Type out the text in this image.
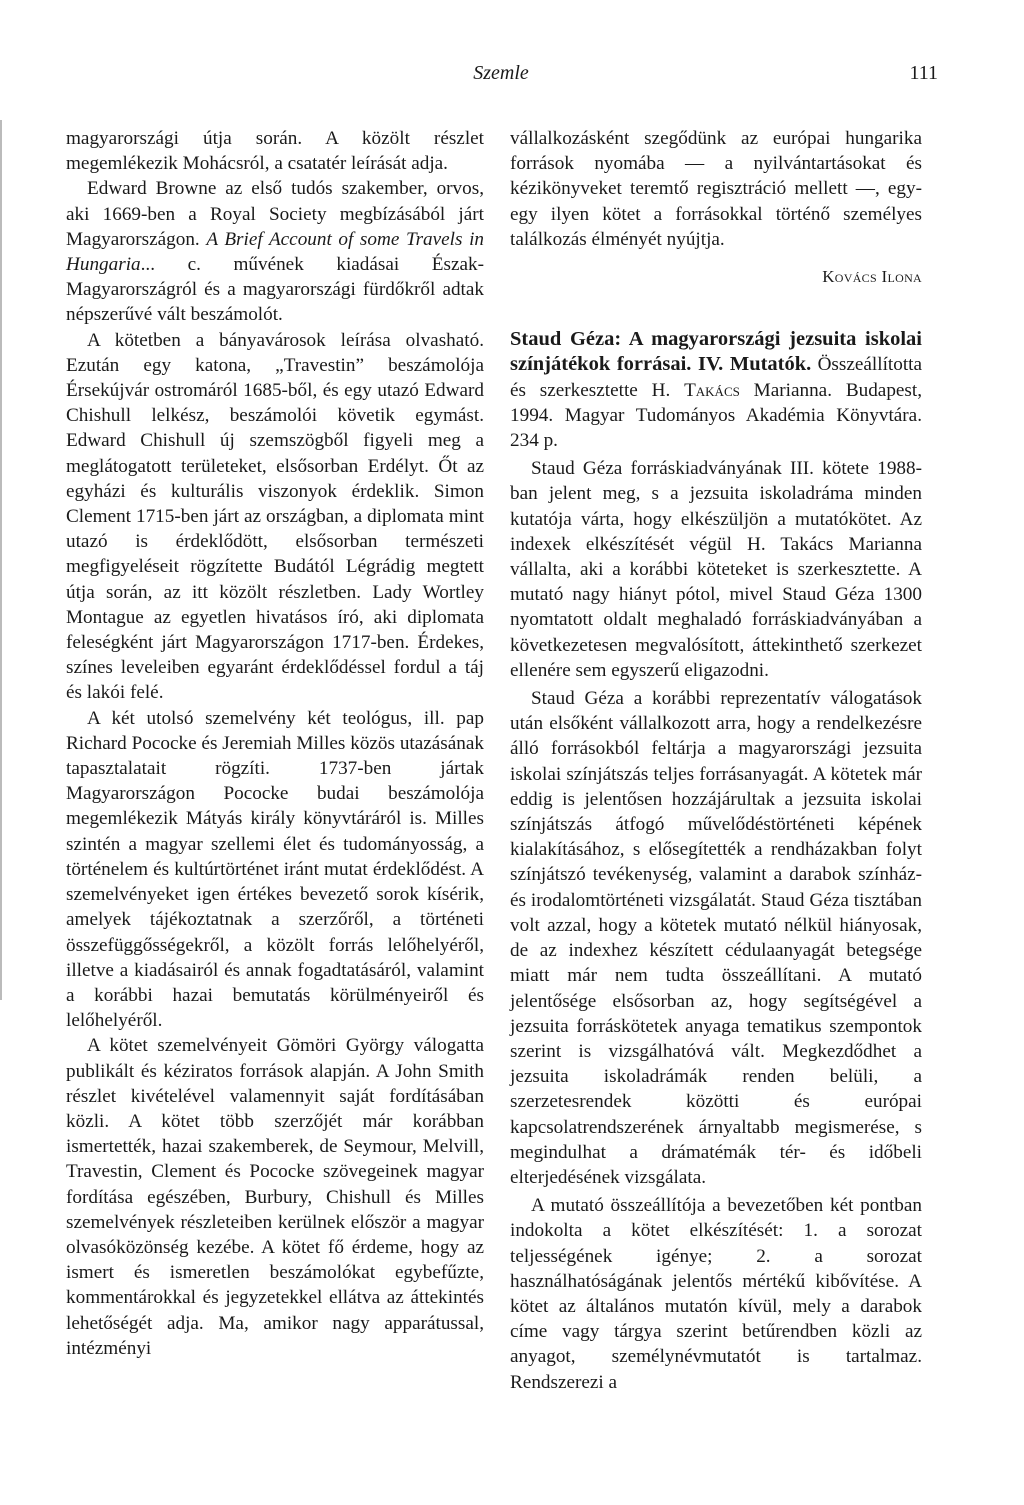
Szemle	111

magyarországi útja során. A közölt részlet megemlékezik Mohácsról, a csatatér leírását adja.

Edward Browne az első tudós szakember, orvos, aki 1669-ben a Royal Society megbízásából járt Magyarországon. A Brief Account of some Travels in Hungaria... c. művének kiadásai Észak-Magyarországról és a magyarországi fürdőkről adtak népszerűvé vált beszámolót.

A kötetben a bányavárosok leírása olvasható. Ezután egy katona, „Travestin” beszámolója Érsekújvár ostromáról 1685-ből, és egy utazó Edward Chishull lelkész, beszámolói követik egymást. Edward Chishull új szemszögből figyeli meg a meglátogatott területeket, elsősorban Erdélyt. Őt az egyházi és kulturális viszonyok érdeklik. Simon Clement 1715-ben járt az országban, a diplomata mint utazó is érdeklődött, elsősorban természeti megfigyeléseit rögzítette Budától Légrádig megtett útja során, az itt közölt részletben. Lady Wortley Montague az egyetlen hivatásos író, aki diplomata feleségként járt Magyarországon 1717-ben. Érdekes, színes leveleiben egyaránt érdeklődéssel fordul a táj és lakói felé.

A két utolsó szemelvény két teológus, ill. pap Richard Pococke és Jeremiah Milles közös utazásának tapasztalatait rögzíti. 1737-ben jártak Magyarországon Pococke budai beszámolója megemlékezik Mátyás király könyvtáráról is. Milles szintén a magyar szellemi élet és tudományosság, a történelem és kultúrtörténet iránt mutat érdeklődést. A szemelvényeket igen értékes bevezető sorok kísérik, amelyek tájékoztatnak a szerzőről, a történeti összefüggősségekről, a közölt forrás lelőhelyéről, illetve a kiadásairól és annak fogadtatásáról, valamint a korábbi hazai bemutatás körülményeiről és lelőhelyéről.

A kötet szemelvényeit Gömöri György válogatta publikált és kéziratos források alapján. A John Smith részlet kivételével valamennyit saját fordításában közli. A kötet több szerzőjét már korábban ismertették, hazai szakemberek, de Seymour, Melvill, Travestin, Clement és Pococke szövegeinek magyar fordítása egészében, Burbury, Chishull és Milles szemelvények részleteiben kerülnek először a magyar olvasóközönség kezébe. A kötet fő érdeme, hogy az ismert és ismeretlen beszámolókat egybefűzte, kommentárokkal és jegyzetekkel ellátva az áttekintés lehetőségét adja. Ma, amikor nagy apparátussal, intézményi

vállalkozásként szegődünk az európai hungarika források nyomába — a nyilvántartásokat és kézikönyveket teremtő regisztráció mellett —, egy-egy ilyen kötet a forrásokkal történő személyes találkozás élményét nyújtja.

Kovács Ilona

Staud Géza: A magyarországi jezsuita iskolai színjátékok forrásai. IV. Mutatók. Összeállította és szerkesztette H. Takács Marianna. Budapest, 1994. Magyar Tudományos Akadémia Könyvtára. 234 p.

Staud Géza forráskiadványának III. kötete 1988-ban jelent meg, s a jezsuita iskoladráma minden kutatója várta, hogy elkészüljön a mutatókötet. Az indexek elkészítését végül H. Takács Marianna vállalta, aki a korábbi köteteket is szerkesztette. A mutató nagy hiányt pótol, mivel Staud Géza 1300 nyomtatott oldalt meghaladó forráskiadványában a következetesen megvalósított, áttekinthető szerkezet ellenére sem egyszerű eligazodni.

Staud Géza a korábbi reprezentatív válogatások után elsőként vállalkozott arra, hogy a rendelkezésre álló forrásokból feltárja a magyarországi jezsuita iskolai színjátszás teljes forrásanyagát. A kötetek már eddig is jelentősen hozzájárultak a jezsuita iskolai színjátszás átfogó művelődéstörténeti képének kialakításához, s elősegítették a rendházakban folyt színjátszó tevékenység, valamint a darabok színház- és irodalomtörténeti vizsgálatát. Staud Géza tisztában volt azzal, hogy a kötetek mutató nélkül hiányosak, de az indexhez készített cédulaanyagát betegsége miatt már nem tudta összeállítani. A mutató jelentősége elsősorban az, hogy segítségével a jezsuita forráskötetek anyaga tematikus szempontok szerint is vizsgálhatóvá vált. Megkezdődhet a jezsuita iskoladrámák renden belüli, a szerzetesrendek közötti és európai kapcsolatrendszerének árnyaltabb megismerése, s megindulhat a drámatémák tér- és időbeli elterjedésének vizsgálata.

A mutató összeállítója a bevezetőben két pontban indokolta a kötet elkészítését: 1. a sorozat teljességének igénye; 2. a sorozat használhatóságának jelentős mértékű kibővítése. A kötet az általános mutatón kívül, mely a darabok címe vagy tárgya szerint betűrendben közli az anyagot, személynévmutatót is tartalmaz. Rendszerezi a
